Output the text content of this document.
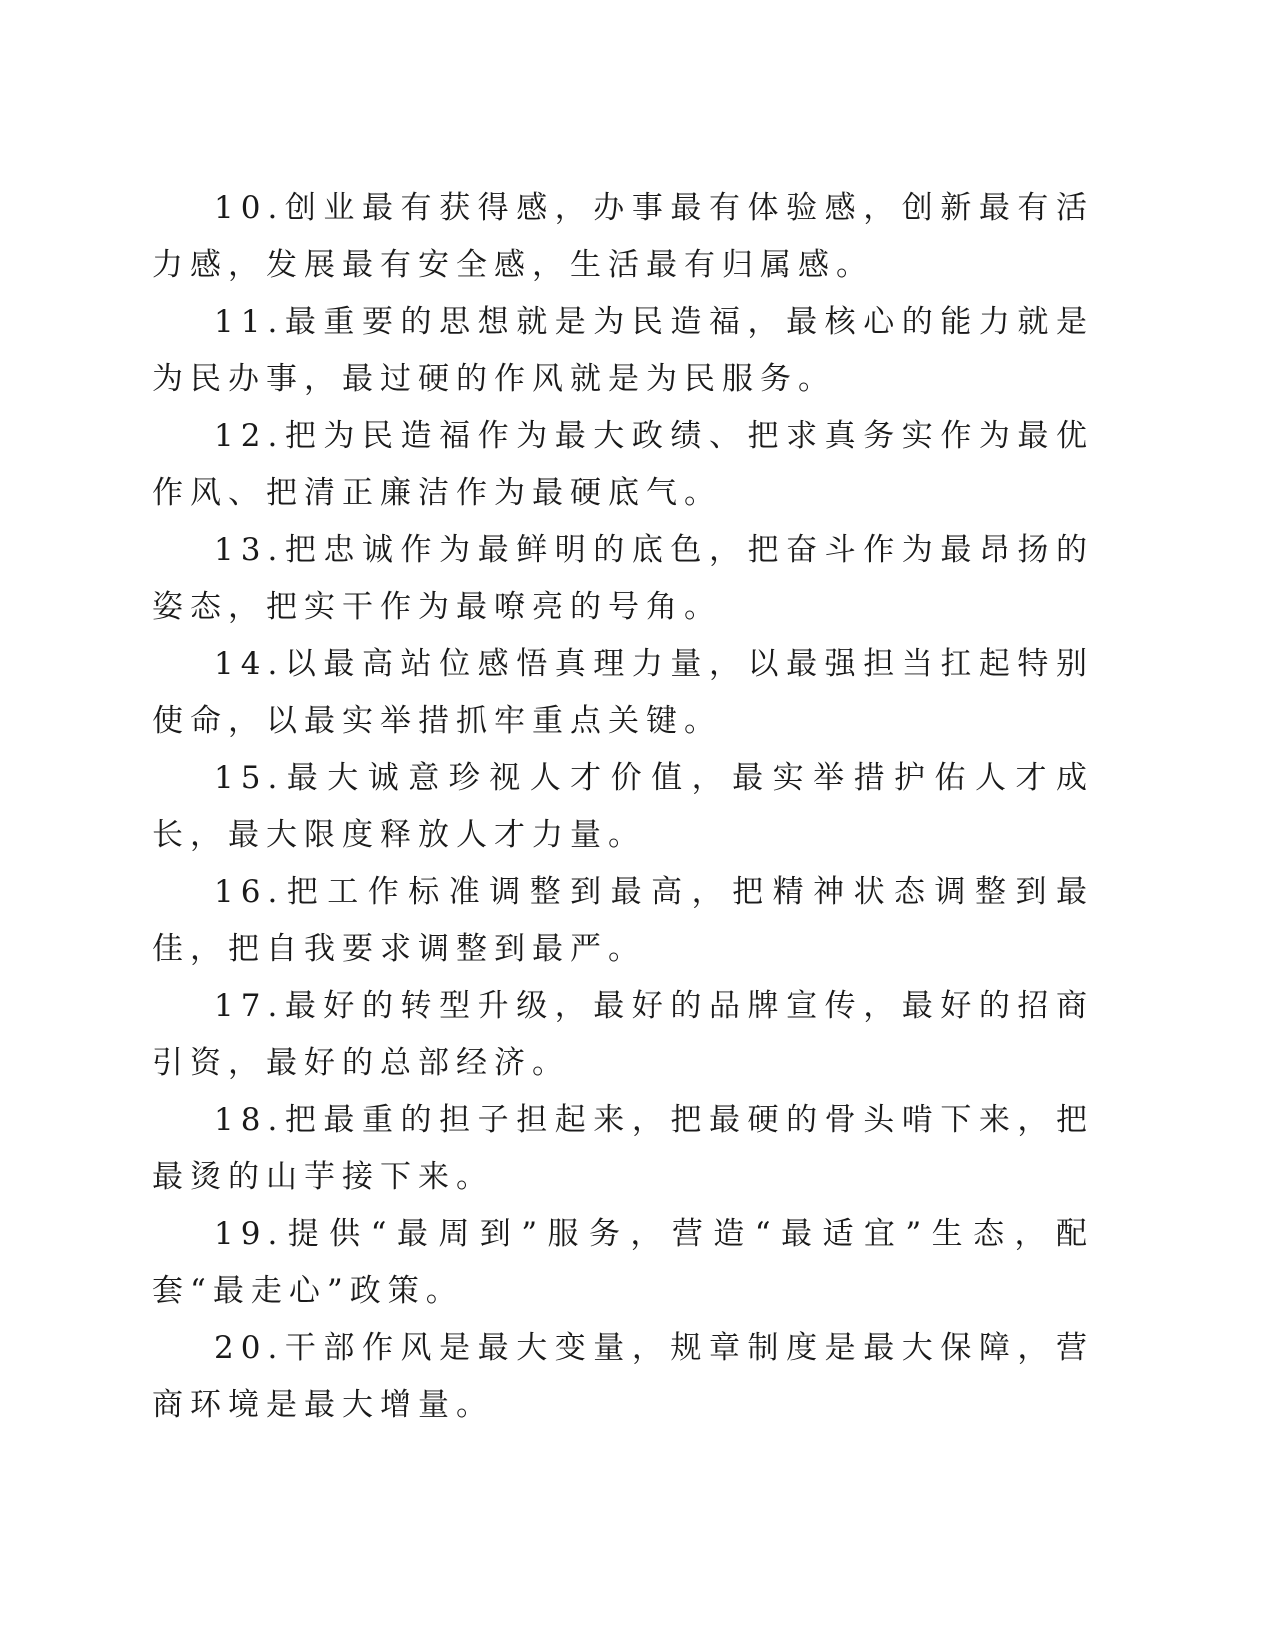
10.创业最有获得感，办事最有体验感，创新最有活力感，发展最有安全感，生活最有归属感。

11.最重要的思想就是为民造福，最核心的能力就是为民办事，最过硬的作风就是为民服务。

12.把为民造福作为最大政绩、把求真务实作为最优作风、把清正廉洁作为最硬底气。

13.把忠诚作为最鲜明的底色，把奋斗作为最昂扬的姿态，把实干作为最嘹亮的号角。

14.以最高站位感悟真理力量，以最强担当扛起特别使命，以最实举措抓牢重点关键。

15.最大诚意珍视人才价值，最实举措护佑人才成长，最大限度释放人才力量。

16.把工作标准调整到最高，把精神状态调整到最佳，把自我要求调整到最严。

17.最好的转型升级，最好的品牌宣传，最好的招商引资，最好的总部经济。

18.把最重的担子担起来，把最硬的骨头啃下来，把最烫的山芋接下来。

19.提供“最周到”服务，营造“最适宜”生态，配套“最走心”政策。

20.干部作风是最大变量，规章制度是最大保障，营商环境是最大增量。
